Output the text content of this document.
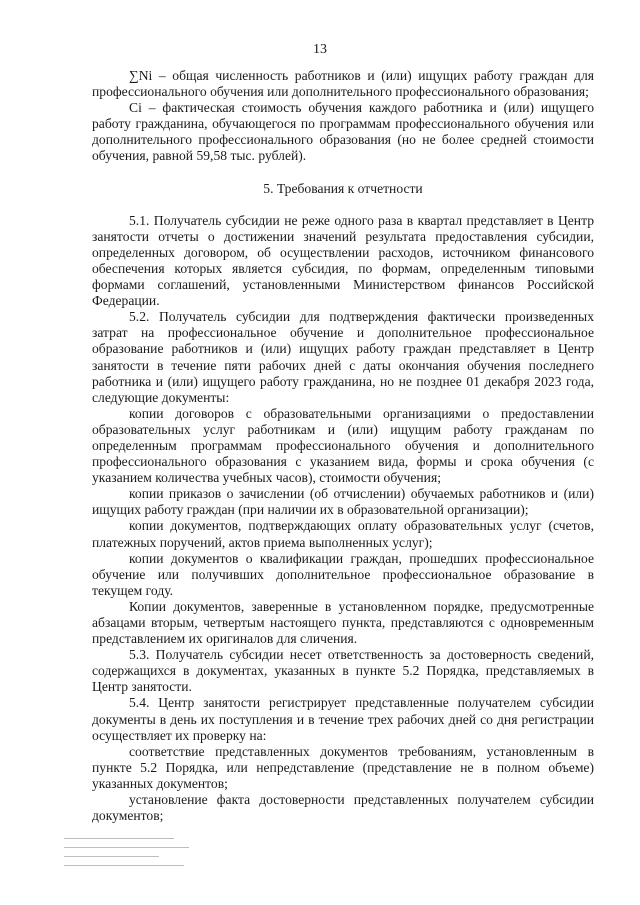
13

∑Ni – общая численность работников и (или) ищущих работу граждан для профессионального обучения или дополнительного профессионального образования;

Ci – фактическая стоимость обучения каждого работника и (или) ищущего работу гражданина, обучающегося по программам профессионального обучения или дополнительного профессионального образования (но не более средней стоимости обучения, равной 59,58 тыс. рублей).

5. Требования к отчетности

5.1. Получатель субсидии не реже одного раза в квартал представляет в Центр занятости отчеты о достижении значений результата предоставления субсидии, определенных договором, об осуществлении расходов, источником финансового обеспечения которых является субсидия, по формам, определенным типовыми формами соглашений, установленными Министерством финансов Российской Федерации.

5.2. Получатель субсидии для подтверждения фактически произведенных затрат на профессиональное обучение и дополнительное профессиональное образование работников и (или) ищущих работу граждан представляет в Центр занятости в течение пяти рабочих дней с даты окончания обучения последнего работника и (или) ищущего работу гражданина, но не позднее 01 декабря 2023 года, следующие документы:

копии договоров с образовательными организациями о предоставлении образовательных услуг работникам и (или) ищущим работу гражданам по определенным программам профессионального обучения и дополнительного профессионального образования с указанием вида, формы и срока обучения (с указанием количества учебных часов), стоимости обучения;

копии приказов о зачислении (об отчислении) обучаемых работников и (или) ищущих работу граждан (при наличии их в образовательной организации);

копии документов, подтверждающих оплату образовательных услуг (счетов, платежных поручений, актов приема выполненных услуг);

копии документов о квалификации граждан, прошедших профессиональное обучение или получивших дополнительное профессиональное образование в текущем году.

Копии документов, заверенные в установленном порядке, предусмотренные абзацами вторым, четвертым настоящего пункта, представляются с одновременным представлением их оригиналов для сличения.

5.3. Получатель субсидии несет ответственность за достоверность сведений, содержащихся в документах, указанных в пункте 5.2 Порядка, представляемых в Центр занятости.

5.4. Центр занятости регистрирует представленные получателем субсидии документы в день их поступления и в течение трех рабочих дней со дня регистрации осуществляет их проверку на:

соответствие представленных документов требованиям, установленным в пункте 5.2 Порядка, или непредставление (представление не в полном объеме) указанных документов;

установление факта достоверности представленных получателем субсидии документов;
